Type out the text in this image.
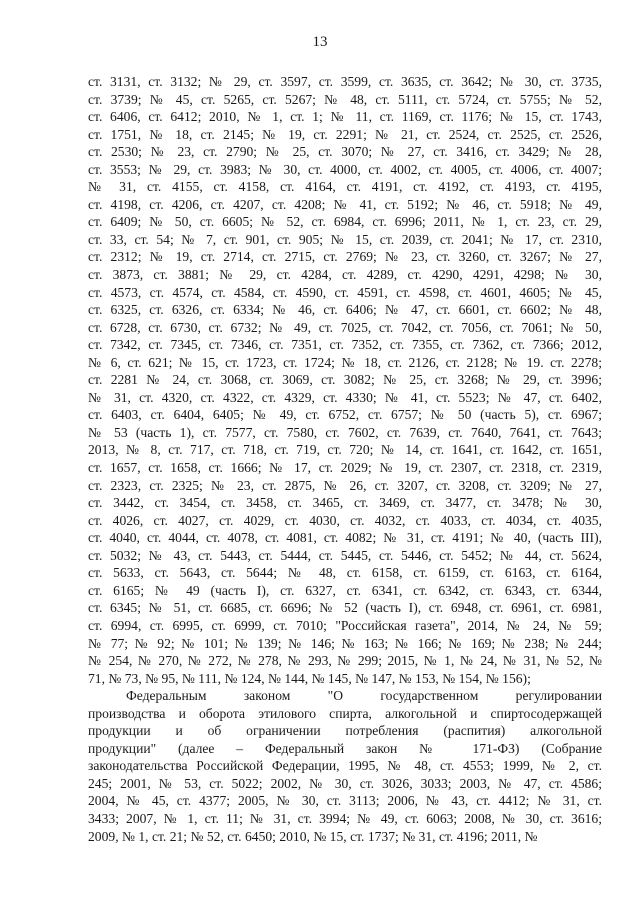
13
ст. 3131, ст. 3132; № 29, ст. 3597, ст. 3599, ст. 3635, ст. 3642; № 30, ст. 3735,
ст. 3739; № 45, ст. 5265, ст. 5267; № 48, ст. 5111, ст. 5724, ст. 5755; № 52,
ст. 6406, ст. 6412; 2010, № 1, ст. 1; № 11, ст. 1169, ст. 1176; № 15, ст. 1743,
ст. 1751, № 18, ст. 2145; № 19, ст. 2291; № 21, ст. 2524, ст. 2525, ст. 2526,
ст. 2530; № 23, ст. 2790; № 25, ст. 3070; № 27, ст. 3416, ст. 3429; № 28,
ст. 3553; № 29, ст. 3983; № 30, ст. 4000, ст. 4002, ст. 4005, ст. 4006, ст. 4007;
№ 31, ст. 4155, ст. 4158, ст. 4164, ст. 4191, ст. 4192, ст. 4193, ст. 4195,
ст. 4198, ст. 4206, ст. 4207, ст. 4208; № 41, ст. 5192; № 46, ст. 5918; № 49,
ст. 6409; № 50, ст. 6605; № 52, ст. 6984, ст. 6996; 2011, № 1, ст. 23, ст. 29,
ст. 33, ст. 54; № 7, ст. 901, ст. 905; № 15, ст. 2039, ст. 2041; № 17, ст. 2310,
ст. 2312; № 19, ст. 2714, ст. 2715, ст. 2769; № 23, ст. 3260, ст. 3267; № 27,
ст. 3873, ст. 3881; № 29, ст. 4284, ст. 4289, ст. 4290, 4291, 4298; № 30,
ст. 4573, ст. 4574, ст. 4584, ст. 4590, ст. 4591, ст. 4598, ст. 4601, 4605; № 45,
ст. 6325, ст. 6326, ст. 6334; № 46, ст. 6406; № 47, ст. 6601, ст. 6602; № 48,
ст. 6728, ст. 6730, ст. 6732; № 49, ст. 7025, ст. 7042, ст. 7056, ст. 7061; № 50,
ст. 7342, ст. 7345, ст. 7346, ст. 7351, ст. 7352, ст. 7355, ст. 7362, ст. 7366; 2012,
№ 6, ст. 621; № 15, ст. 1723, ст. 1724; № 18, ст. 2126, ст. 2128; № 19. ст. 2278;
ст. 2281 № 24, ст. 3068, ст. 3069, ст. 3082; № 25, ст. 3268; № 29, ст. 3996;
№ 31, ст. 4320, ст. 4322, ст. 4329, ст. 4330; № 41, ст. 5523; № 47, ст. 6402,
ст. 6403, ст. 6404, 6405; № 49, ст. 6752, ст. 6757; № 50 (часть 5), ст. 6967;
№ 53 (часть 1), ст. 7577, ст. 7580, ст. 7602, ст. 7639, ст. 7640, 7641, ст. 7643;
2013, № 8, ст. 717, ст. 718, ст. 719, ст. 720; № 14, ст. 1641, ст. 1642, ст. 1651,
ст. 1657, ст. 1658, ст. 1666; № 17, ст. 2029; № 19, ст. 2307, ст. 2318, ст. 2319,
ст. 2323, ст. 2325; № 23, ст. 2875, № 26, ст. 3207, ст. 3208, ст. 3209; № 27,
ст. 3442, ст. 3454, ст. 3458, ст. 3465, ст. 3469, ст. 3477, ст. 3478; № 30,
ст. 4026, ст. 4027, ст. 4029, ст. 4030, ст. 4032, ст. 4033, ст. 4034, ст. 4035,
ст. 4040, ст. 4044, ст. 4078, ст. 4081, ст. 4082; № 31, ст. 4191; № 40, (часть III),
ст. 5032; № 43, ст. 5443, ст. 5444, ст. 5445, ст. 5446, ст. 5452; № 44, ст. 5624,
ст. 5633, ст. 5643, ст. 5644; № 48, ст. 6158, ст. 6159, ст. 6163, ст. 6164,
ст. 6165; № 49 (часть I), ст. 6327, ст. 6341, ст. 6342, ст. 6343, ст. 6344,
ст. 6345; № 51, ст. 6685, ст. 6696; № 52 (часть I), ст. 6948, ст. 6961, ст. 6981,
ст. 6994, ст. 6995, ст. 6999, ст. 7010; "Российская газета", 2014, № 24, № 59;
№ 77; № 92; № 101; № 139; № 146; № 163; № 166; № 169; № 238; № 244;
№ 254, № 270, № 272, № 278, № 293, № 299; 2015, № 1, № 24, № 31, № 52, №
71, № 73, № 95, № 111, № 124, № 144, № 145, № 147, № 153, № 154, № 156);
Федеральным законом "О государственном регулировании
производства и оборота этилового спирта, алкогольной и спиртосодержащей
продукции и об ограничении потребления (распития) алкогольной
продукции" (далее – Федеральный закон № 171-ФЗ) (Собрание
законодательства Российской Федерации, 1995, № 48, ст. 4553; 1999, № 2, ст.
245; 2001, № 53, ст. 5022; 2002, № 30, ст. 3026, 3033; 2003, № 47, ст. 4586;
2004, № 45, ст. 4377; 2005, № 30, ст. 3113; 2006, № 43, ст. 4412; № 31, ст.
3433; 2007, № 1, ст. 11; № 31, ст. 3994; № 49, ст. 6063; 2008, № 30, ст. 3616;
2009, № 1, ст. 21; № 52, ст. 6450; 2010, № 15, ст. 1737; № 31, ст. 4196; 2011, №
